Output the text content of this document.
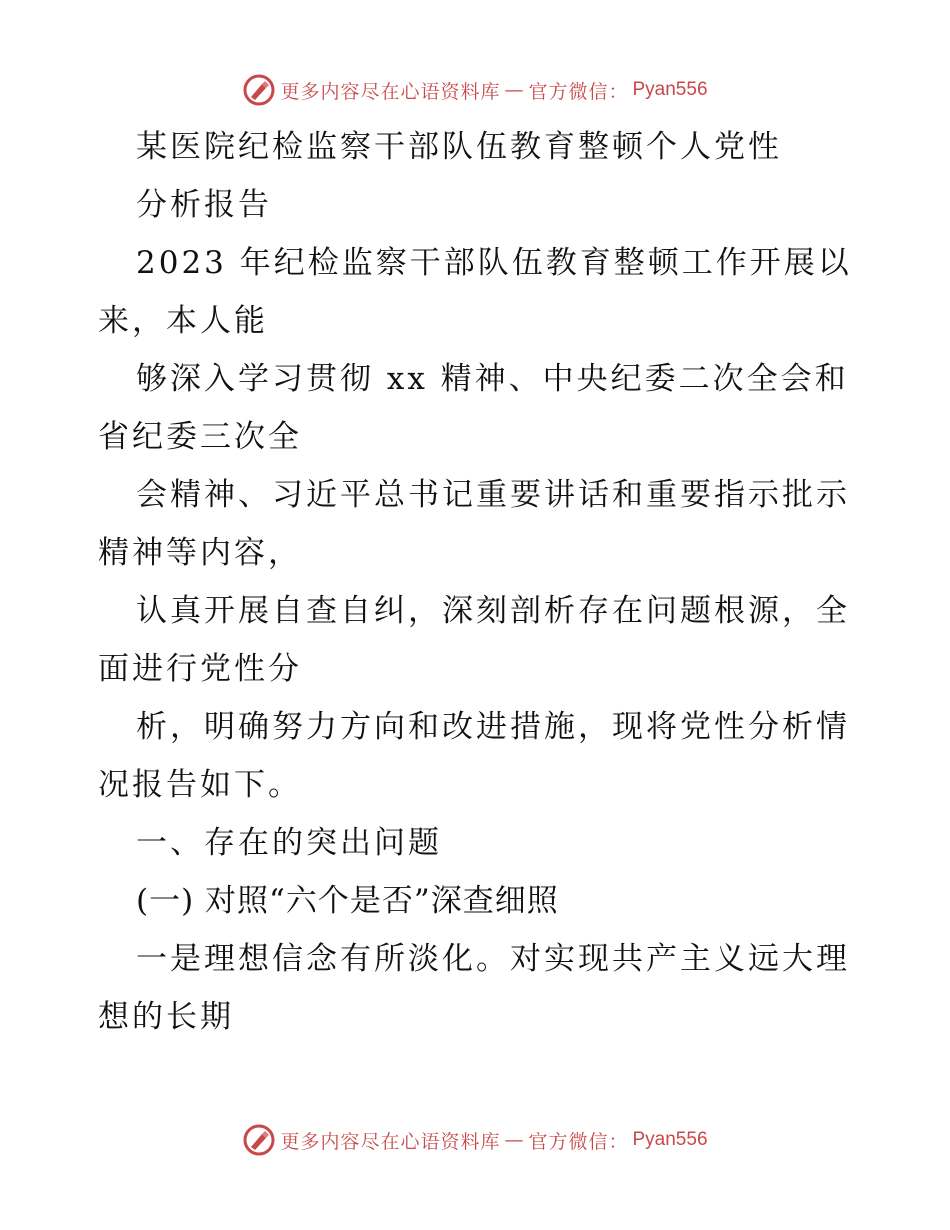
更多内容尽在心语资料库 — 官方微信： Pyan556
某医院纪检监察干部队伍教育整顿个人党性
分析报告
2023 年纪检监察干部队伍教育整顿工作开展以
来，本人能
够深入学习贯彻 xx 精神、中央纪委二次全会和
省纪委三次全
会精神、习近平总书记重要讲话和重要指示批示
精神等内容，
认真开展自查自纠，深刻剖析存在问题根源，全
面进行党性分
析，明确努力方向和改进措施，现将党性分析情
况报告如下。
一、存在的突出问题
(一) 对照“六个是否”深查细照
一是理想信念有所淡化。对实现共产主义远大理
想的长期
更多内容尽在心语资料库 — 官方微信： Pyan556
